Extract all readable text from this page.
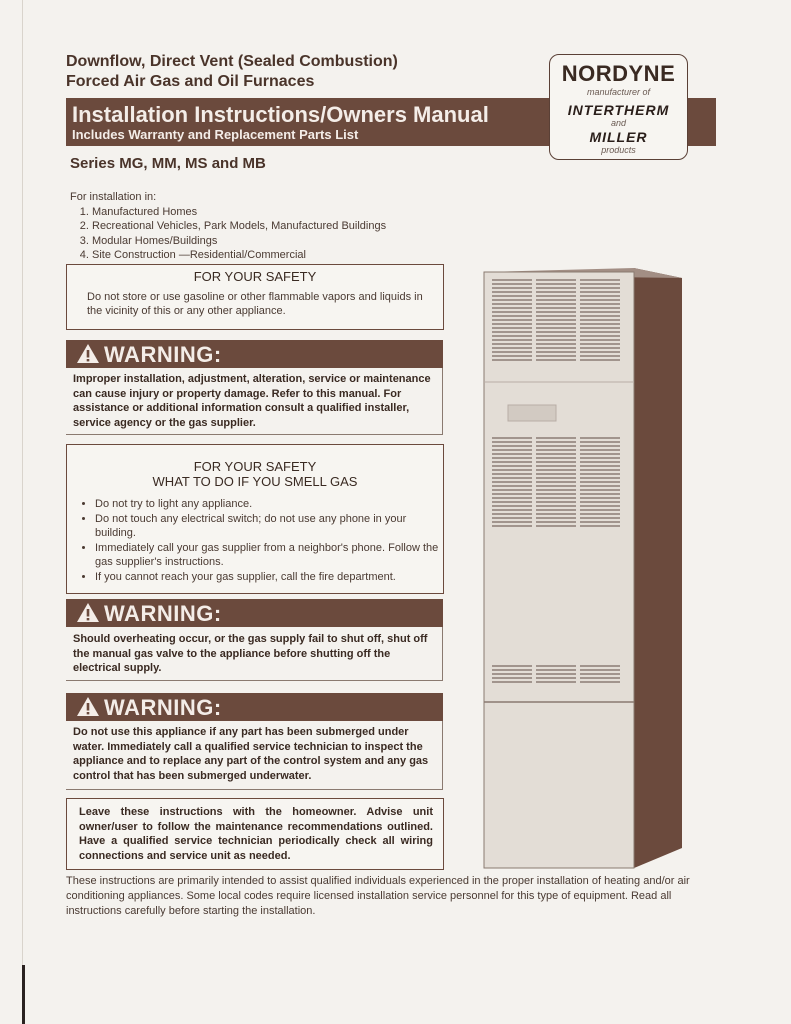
Downflow, Direct Vent (Sealed Combustion)
Forced Air Gas and Oil Furnaces
Installation Instructions/Owners Manual
Includes Warranty and Replacement Parts List
NORDYNE
manufacturer of
INTERTHERM
and
MILLER
products
Series MG, MM, MS and MB
For installation in:
1. Manufactured Homes
2. Recreational Vehicles, Park Models, Manufactured Buildings
3. Modular Homes/Buildings
4. Site Construction —Residential/Commercial
FOR YOUR SAFETY
Do not store or use gasoline or other flammable vapors and liquids in the vicinity of this or any other appliance.
WARNING:
Improper installation, adjustment, alteration, service or maintenance can cause injury or property damage. Refer to this manual. For assistance or additional information consult a qualified installer, service agency or the gas supplier.
FOR YOUR SAFETY
WHAT TO DO IF YOU SMELL GAS
• Do not try to light any appliance.
• Do not touch any electrical switch; do not use any phone in your building.
• Immediately call your gas supplier from a neighbor's phone. Follow the gas supplier's instructions.
• If you cannot reach your gas supplier, call the fire department.
WARNING:
Should overheating occur, or the gas supply fail to shut off, shut off the manual gas valve to the appliance before shutting off the electrical supply.
WARNING:
Do not use this appliance if any part has been submerged under water. Immediately call a qualified service technician to inspect the appliance and to replace any part of the control system and any gas control that has been submerged underwater.
Leave these instructions with the homeowner. Advise unit owner/user to follow the maintenance recommendations outlined. Have a qualified service technician periodically check all wiring connections and service unit as needed.
These instructions are primarily intended to assist qualified individuals experienced in the proper installation of heating and/or air conditioning appliances. Some local codes require licensed installation service personnel for this type of equipment. Read all instructions carefully before starting the installation.
